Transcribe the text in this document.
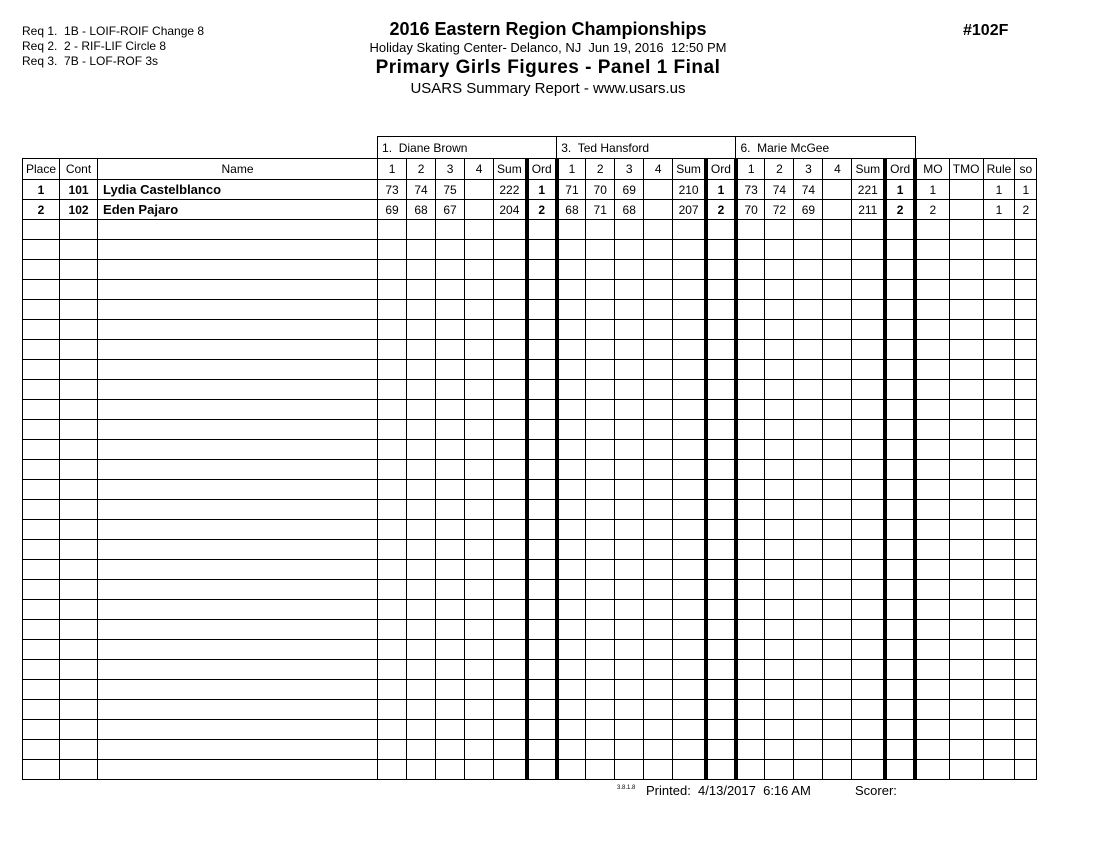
Req 1.  1B - LOIF-ROIF Change 8
Req 2.  2 - RIF-LIF Circle 8
Req 3.  7B - LOF-ROF 3s
2016 Eastern Region Championships
Holiday Skating Center- Delanco, NJ  Jun 19, 2016  12:50 PM
Primary Girls Figures - Panel 1 Final
USARS Summary Report - www.usars.us
#102F
			1.  Diane Brown						3.  Ted Hansford						6.  Marie McGee									
Place	Cont	Name	1	2	3	4	Sum	Ord	1	2	3	4	Sum	Ord	1	2	3	4	Sum	Ord	MO	TMO	Rule	so
1	101	Lydia Castelblanco	73	74	75		222	1	71	70	69		210	1	73	74	74		221	1	1		1	1
2	102	Eden Pajaro	69	68	67		204	2	68	71	68		207	2	70	72	69		211	2	2		1	2

3.8.1.8 Printed:  4/13/2017  6:16 AM	Scorer:
